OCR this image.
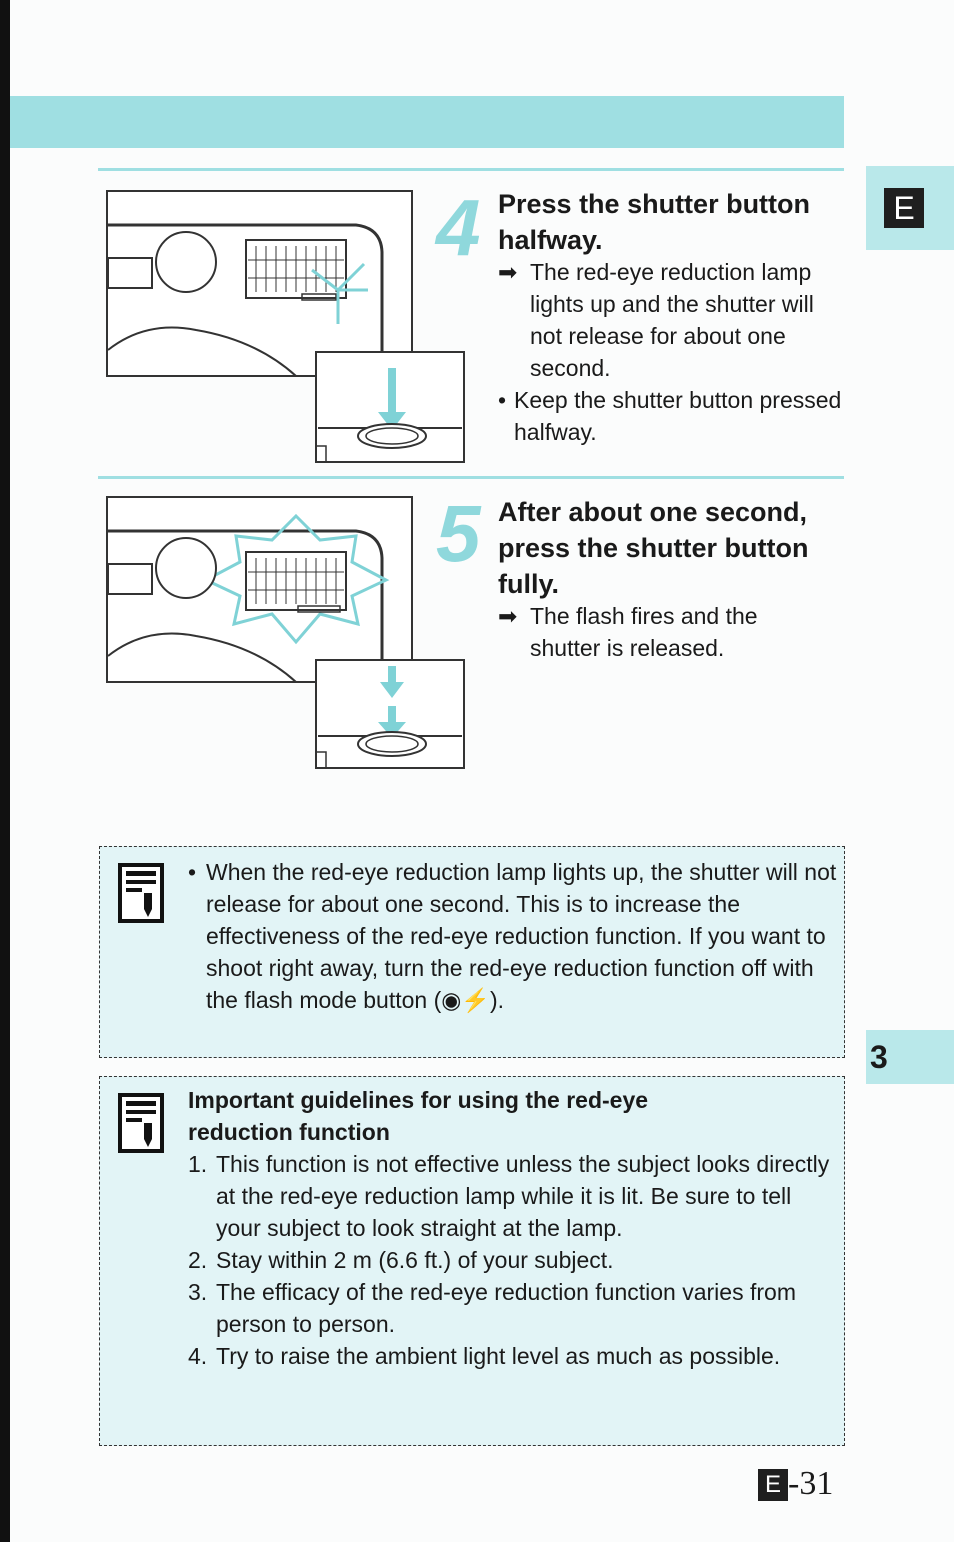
E
3
4 Press the shutter button halfway.
➡ The red-eye reduction lamp lights up and the shutter will not release for about one second.
• Keep the shutter button pressed halfway.
5 After about one second, press the shutter button fully.
➡ The flash fires and the shutter is released.
• When the red-eye reduction lamp lights up, the shutter will not release for about one second. This is to increase the effectiveness of the red-eye reduction function. If you want to shoot right away, turn the red-eye reduction function off with the flash mode button (◉⚡).
Important guidelines for using the red-eye reduction function
1. This function is not effective unless the subject looks directly at the red-eye reduction lamp while it is lit. Be sure to tell your subject to look straight at the lamp.
2. Stay within 2 m (6.6 ft.) of your subject.
3. The efficacy of the red-eye reduction function varies from person to person.
4. Try to raise the ambient light level as much as possible.
E -31
